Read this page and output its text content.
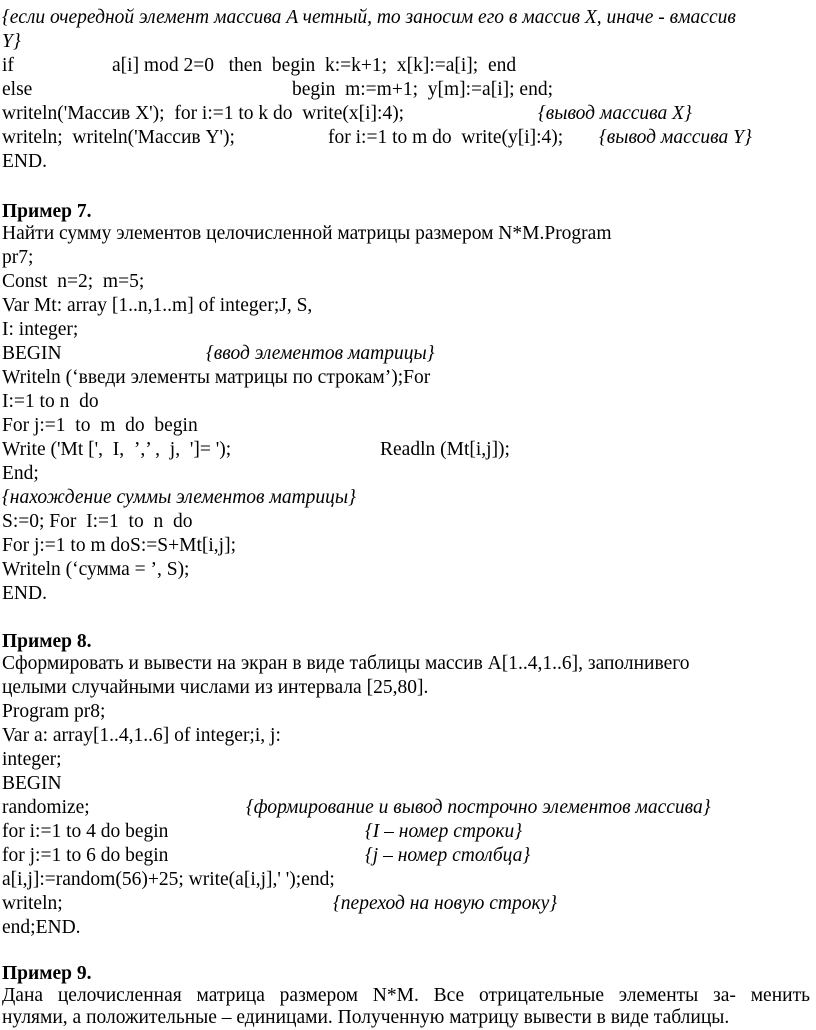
{если очередной элемент массива A четный, то заносим его в массив X, иначе - вмассив
Y}

if

	a[i] mod 2=0   then  begin  k:=k+1;  x[k]:=a[i];  end

else

	begin  m:=m+1;  y[m]:=a[i]; end;

writeln('Массив X');  for i:=1 to k do  write(x[i]:4);

	{вывод массива X}

writeln;  writeln('Массив Y');

	for i:=1 to m do  write(y[i]:4);

{вывод массива Y}

END.
Пример 7.
Найти сумму элементов целочисленной матрицы размером N*M.Program
pr7;
Const  n=2;  m=5;
Var Mt: array [1..n,1..m] of integer;J, S,
I: integer;

BEGIN

	{ввод элементов матрицы}

Writeln (‘введи элементы матрицы по строкам’);For
I:=1 to n  do
For j:=1  to  m  do  begin

Write ('Mt [',  I,  ’,’ ,  j,  ']= ');

	Readln (Mt[i,j]);

End;
{нахождение суммы элементов матрицы}
S:=0; For  I:=1  to  n  do
For j:=1 to m doS:=S+Mt[i,j];
Writeln (‘сумма = ’, S);
END.
Пример 8.
Сформировать и вывести на экран в виде таблицы массив A[1..4,1..6], заполнивего
целыми случайными числами из интервала [25,80].
Program pr8;
Var a: array[1..4,1..6] of integer;i, j:
integer;
BEGIN

randomize;

	{формирование и вывод построчно элементов массива}

for i:=1 to 4 do begin

	{I – номер строки}

for j:=1 to 6 do begin

	{j – номер столбца}

a[i,j]:=random(56)+25; write(a[i,j],' ');end;

writeln;

	{переход на новую строку}

end;END.
Пример 9.
Дана целочисленная матрица размером N*M. Все отрицательные элементы за- менить
нулями, а положительные – единицами. Полученную матрицу вывести в виде таблицы.
